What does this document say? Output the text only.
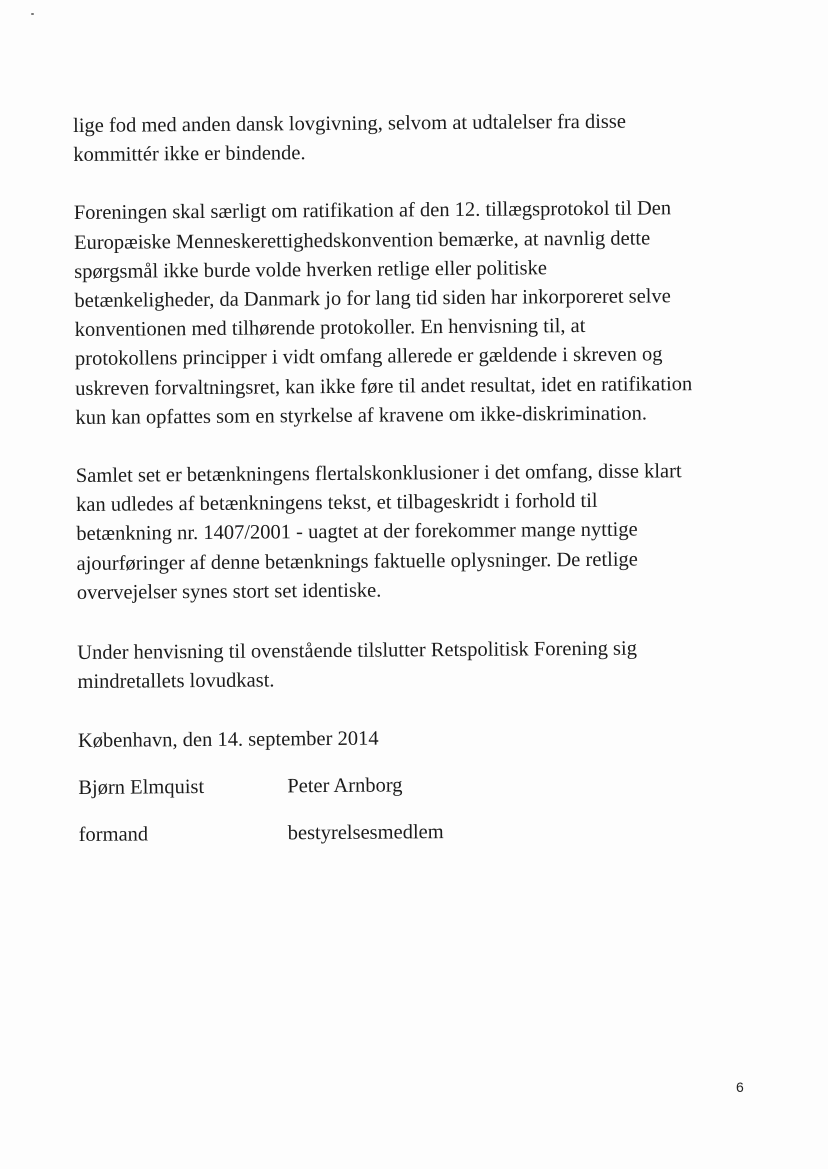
lige fod med anden dansk lovgivning, selvom at udtalelser fra disse
kommittér ikke er bindende.

Foreningen skal særligt om ratifikation af den 12. tillægsprotokol til Den
Europæiske Menneskerettighedskonvention bemærke, at navnlig dette
spørgsmål ikke burde volde hverken retlige eller politiske
betænkeligheder, da Danmark jo for lang tid siden har inkorporeret selve
konventionen med tilhørende protokoller. En henvisning til, at
protokollens principper i vidt omfang allerede er gældende i skreven og
uskreven forvaltningsret, kan ikke føre til andet resultat, idet en ratifikation
kun kan opfattes som en styrkelse af kravene om ikke-diskrimination.

Samlet set er betænkningens flertalskonklusioner i det omfang, disse klart
kan udledes af betænkningens tekst, et tilbageskridt i forhold til
betænkning nr. 1407/2001 - uagtet at der forekommer mange nyttige
ajourføringer af denne betænknings faktuelle oplysninger. De retlige
overvejelser synes stort set identiske.

Under henvisning til ovenstående tilslutter Retspolitisk Forening sig
mindretallets lovudkast.

København, den 14. september 2014
Bjørn Elmquist	Peter Arnborg
formand	bestyrelsesmedlem
6
